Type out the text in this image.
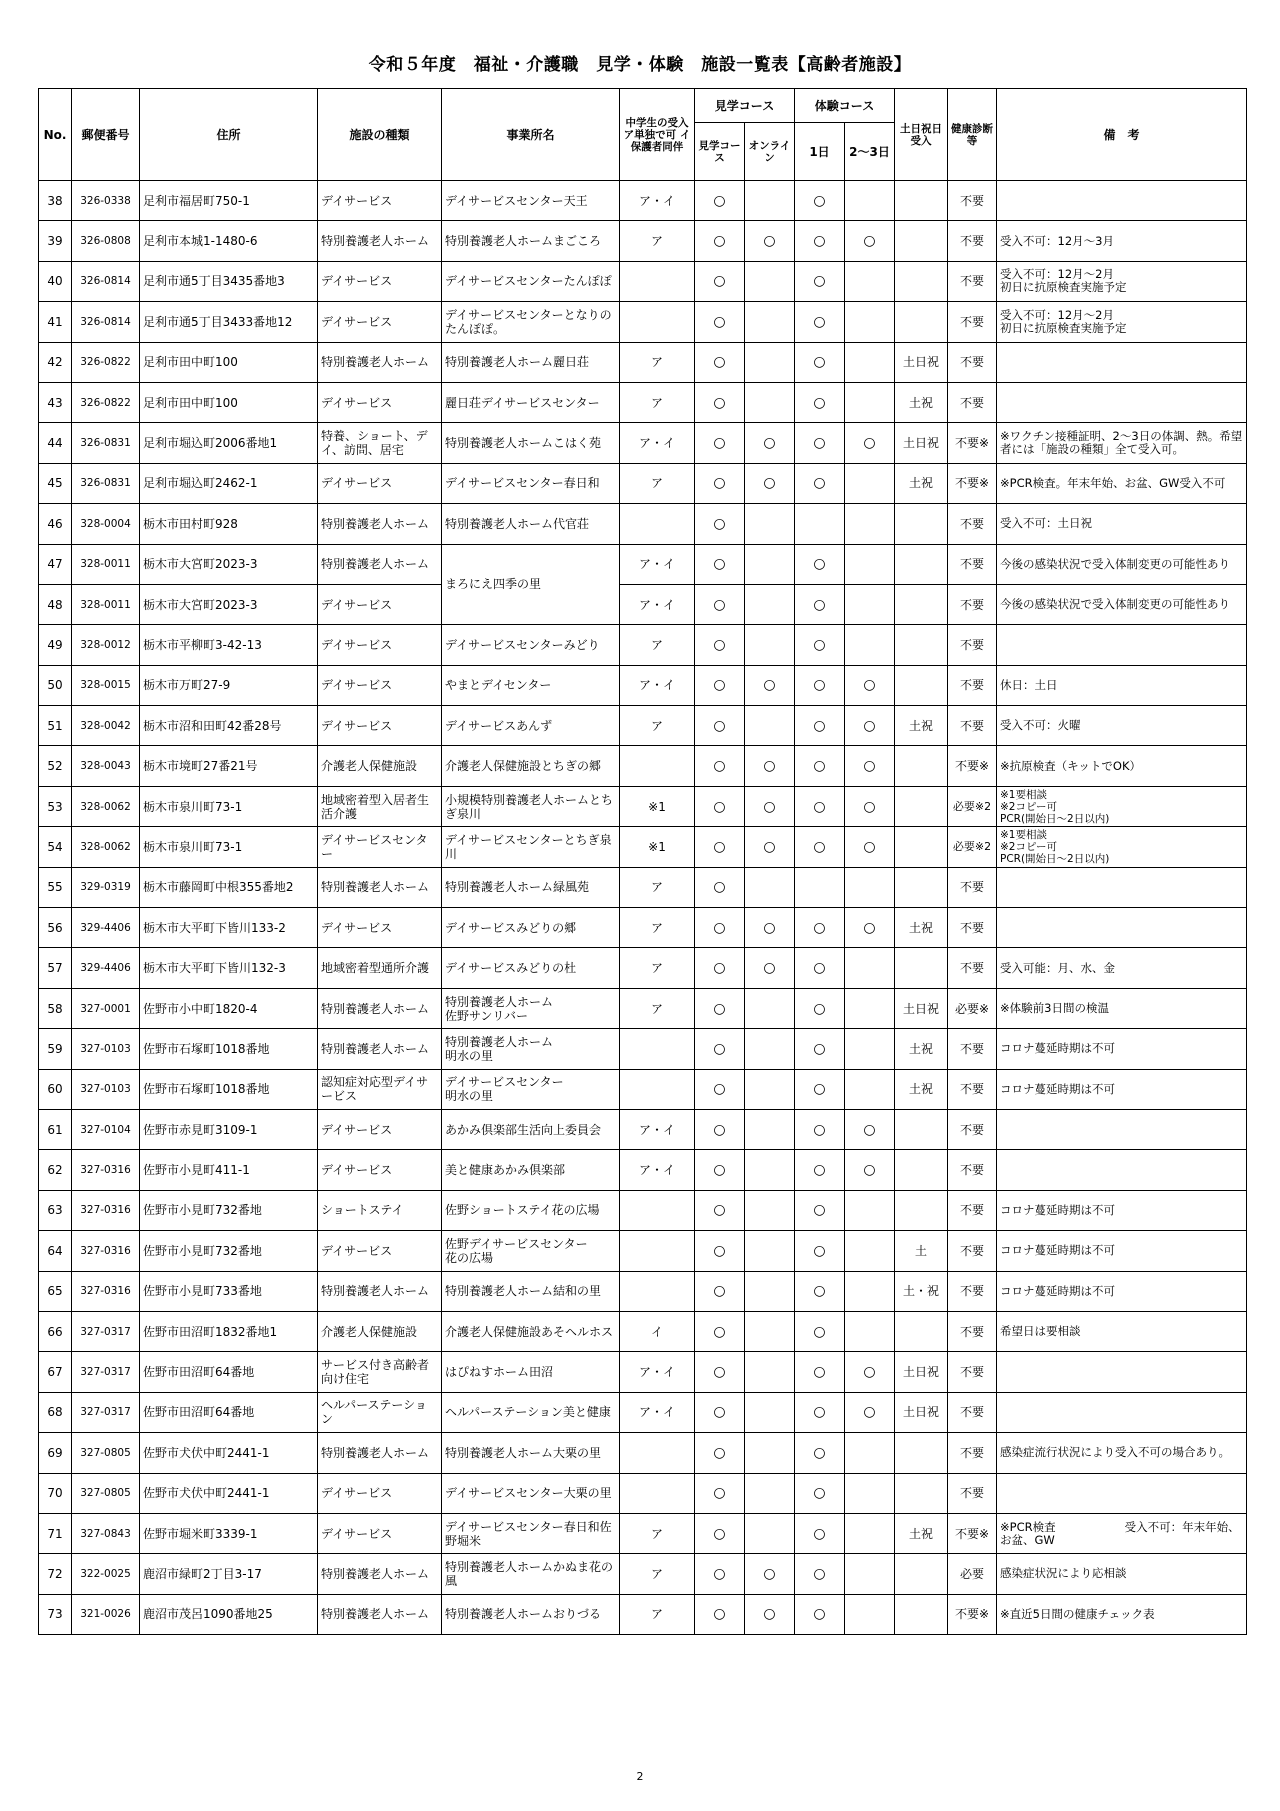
令和５年度　福祉・介護職　見学・体験　施設一覧表【高齢者施設】
No.	郵便番号	住所	施設の種類	事業所名	中学生の受入 ア単独で可 イ保護者同伴	見学コース		体験コース		土日祝日受入	健康診断等	備　考
						見学コース	オンライン	1日	2～3日			
38	326-0338	足利市福居町750-1	デイサービス	デイサービスセンター天王	ア・イ	○		○			不要	
39	326-0808	足利市本城1-1480-6	特別養護老人ホーム	特別養護老人ホームまごころ	ア	○	○	○	○		不要	受入不可：12月～3月
40	326-0814	足利市通5丁目3435番地3	デイサービス	デイサービスセンターたんぽぽ		○		○			不要	受入不可：12月～2月
初日に抗原検査実施予定
41	326-0814	足利市通5丁目3433番地12	デイサービス	デイサービスセンターとなりのたんぽぽ。		○		○			不要	受入不可：12月～2月
初日に抗原検査実施予定
42	326-0822	足利市田中町100	特別養護老人ホーム	特別養護老人ホーム麗日荘	ア	○		○		土日祝	不要	
43	326-0822	足利市田中町100	デイサービス	麗日荘デイサービスセンター	ア	○		○		土祝	不要	
44	326-0831	足利市堀込町2006番地1	特養、ショート、デイ、訪問、居宅	特別養護老人ホームこはく苑	ア・イ	○	○	○	○	土日祝	不要※	※ワクチン接種証明、2～3日の体調、熱。希望者には「施設の種類」全て受入可。
45	326-0831	足利市堀込町2462-1	デイサービス	デイサービスセンター春日和	ア	○	○	○		土祝	不要※	※PCR検査。年末年始、お盆、GW受入不可
46	328-0004	栃木市田村町928	特別養護老人ホーム	特別養護老人ホーム代官荘		○					不要	受入不可：土日祝
47	328-0011	栃木市大宮町2023-3	特別養護老人ホーム	まろにえ四季の里	ア・イ	○		○			不要	今後の感染状況で受入体制変更の可能性あり
48	328-0011	栃木市大宮町2023-3	デイサービス		ア・イ	○		○			不要	今後の感染状況で受入体制変更の可能性あり
49	328-0012	栃木市平柳町3-42-13	デイサービス	デイサービスセンターみどり	ア	○		○			不要	
50	328-0015	栃木市万町27-9	デイサービス	やまとデイセンター	ア・イ	○	○	○	○		不要	休日：土日
51	328-0042	栃木市沼和田町42番28号	デイサービス	デイサービスあんず	ア	○		○	○	土祝	不要	受入不可：火曜
52	328-0043	栃木市境町27番21号	介護老人保健施設	介護老人保健施設とちぎの郷		○	○	○	○		不要※	※抗原検査（キットでOK）
53	328-0062	栃木市泉川町73-1	地域密着型入居者生活介護	小規模特別養護老人ホームとちぎ泉川	※1	○	○	○	○		必要※2	※1要相談
※2コピー可
PCR(開始日～2日以内)
54	328-0062	栃木市泉川町73-1	デイサービスセンター	デイサービスセンターとちぎ泉川	※1	○	○	○	○		必要※2	※1要相談
※2コピー可
PCR(開始日～2日以内)
55	329-0319	栃木市藤岡町中根355番地2	特別養護老人ホーム	特別養護老人ホーム緑風苑	ア	○					不要	
56	329-4406	栃木市大平町下皆川133-2	デイサービス	デイサービスみどりの郷	ア	○	○	○	○	土祝	不要	
57	329-4406	栃木市大平町下皆川132-3	地域密着型通所介護	デイサービスみどりの杜	ア	○	○	○			不要	受入可能：月、水、金
58	327-0001	佐野市小中町1820-4	特別養護老人ホーム	特別養護老人ホーム
佐野サンリバー	ア	○		○		土日祝	必要※	※体験前3日間の検温
59	327-0103	佐野市石塚町1018番地	特別養護老人ホーム	特別養護老人ホーム
明水の里		○		○		土祝	不要	コロナ蔓延時期は不可
60	327-0103	佐野市石塚町1018番地	認知症対応型デイサービス	デイサービスセンター
明水の里		○		○		土祝	不要	コロナ蔓延時期は不可
61	327-0104	佐野市赤見町3109-1	デイサービス	あかみ倶楽部生活向上委員会	ア・イ	○		○	○		不要	
62	327-0316	佐野市小見町411-1	デイサービス	美と健康あかみ倶楽部	ア・イ	○		○	○		不要	
63	327-0316	佐野市小見町732番地	ショートステイ	佐野ショートステイ花の広場		○		○			不要	コロナ蔓延時期は不可
64	327-0316	佐野市小見町732番地	デイサービス	佐野デイサービスセンター
花の広場		○		○		土	不要	コロナ蔓延時期は不可
65	327-0316	佐野市小見町733番地	特別養護老人ホーム	特別養護老人ホーム結和の里		○		○		土・祝	不要	コロナ蔓延時期は不可
66	327-0317	佐野市田沼町1832番地1	介護老人保健施設	介護老人保健施設あそヘルホス	イ	○		○			不要	希望日は要相談
67	327-0317	佐野市田沼町64番地	サービス付き高齢者向け住宅	はぴねすホーム田沼	ア・イ	○		○	○	土日祝	不要	
68	327-0317	佐野市田沼町64番地	ヘルパーステーション	ヘルパーステーション美と健康	ア・イ	○		○	○	土日祝	不要	
69	327-0805	佐野市犬伏中町2441-1	特別養護老人ホーム	特別養護老人ホーム大栗の里		○		○			不要	感染症流行状況により受入不可の場合あり。
70	327-0805	佐野市犬伏中町2441-1	デイサービス	デイサービスセンター大栗の里		○		○			不要	
71	327-0843	佐野市堀米町3339-1	デイサービス	デイサービスセンター春日和佐野堀米	ア	○		○		土祝	不要※	※PCR検査　　　　　　受入不可：年末年始、お盆、GW
72	322-0025	鹿沼市緑町2丁目3-17	特別養護老人ホーム	特別養護老人ホームかぬま花の風	ア	○	○	○			必要	感染症状況により応相談
73	321-0026	鹿沼市茂呂1090番地25	特別養護老人ホーム	特別養護老人ホームおりづる	ア	○	○	○			不要※	※直近5日間の健康チェック表
2
